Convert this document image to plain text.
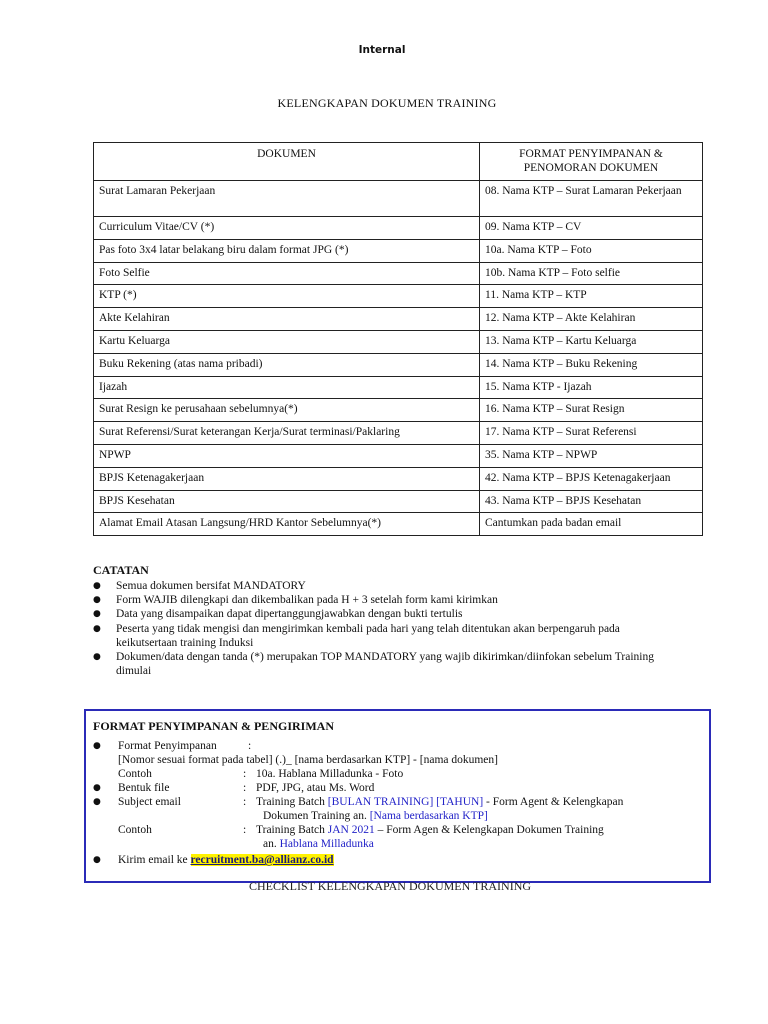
Internal
KELENGKAPAN DOKUMEN TRAINING
DOKUMEN	FORMAT PENYIMPANAN & PENOMORAN DOKUMEN
Surat Lamaran Pekerjaan	08. Nama KTP – Surat Lamaran Pekerjaan
Curriculum Vitae/CV (*)	09. Nama KTP – CV
Pas foto 3x4 latar belakang biru dalam format JPG (*)	10a. Nama KTP – Foto
Foto Selfie	10b. Nama KTP – Foto selfie
KTP (*)	11. Nama KTP – KTP
Akte Kelahiran	12. Nama KTP – Akte Kelahiran
Kartu Keluarga	13. Nama KTP – Kartu Keluarga
Buku Rekening (atas nama pribadi)	14. Nama KTP – Buku Rekening
Ijazah	15. Nama KTP - Ijazah
Surat Resign ke perusahaan sebelumnya(*)	16. Nama KTP – Surat Resign
Surat Referensi/Surat keterangan Kerja/Surat terminasi/Paklaring	17. Nama KTP – Surat Referensi
NPWP	35. Nama KTP – NPWP
BPJS Ketenagakerjaan	42. Nama KTP – BPJS Ketenagakerjaan
BPJS Kesehatan	43. Nama KTP – BPJS Kesehatan
Alamat Email Atasan Langsung/HRD Kantor Sebelumnya(*)	Cantumkan pada badan email
CATATAN
● Semua dokumen bersifat MANDATORY
● Form WAJIB dilengkapi dan dikembalikan pada H + 3 setelah form kami kirimkan
● Data yang disampaikan dapat dipertanggungjawabkan dengan bukti tertulis
● Peserta yang tidak mengisi dan mengirimkan kembali pada hari yang telah ditentukan akan berpengaruh pada keikutsertaan training Induksi
● Dokumen/data dengan tanda (*) merupakan TOP MANDATORY yang wajib dikirimkan/diinfokan sebelum Training dimulai
FORMAT PENYIMPANAN & PENGIRIMAN
● Format Penyimpanan	:
[Nomor sesuai format pada tabel] (.)_ [nama berdasarkan KTP] - [nama dokumen]
Contoh	: 10a. Hablana Milladunka - Foto
● Bentuk file	: PDF, JPG, atau Ms. Word
● Subject email	: Training Batch [BULAN TRAINING] [TAHUN] - Form Agent & Kelengkapan
Dokumen Training an. [Nama berdasarkan KTP]
Contoh	: Training Batch JAN 2021 – Form Agen & Kelengkapan Dokumen Training
an. Hablana Milladunka
● Kirim email ke recruitment.ba@allianz.co.id
CHECKLIST KELENGKAPAN DOKUMEN TRAINING
